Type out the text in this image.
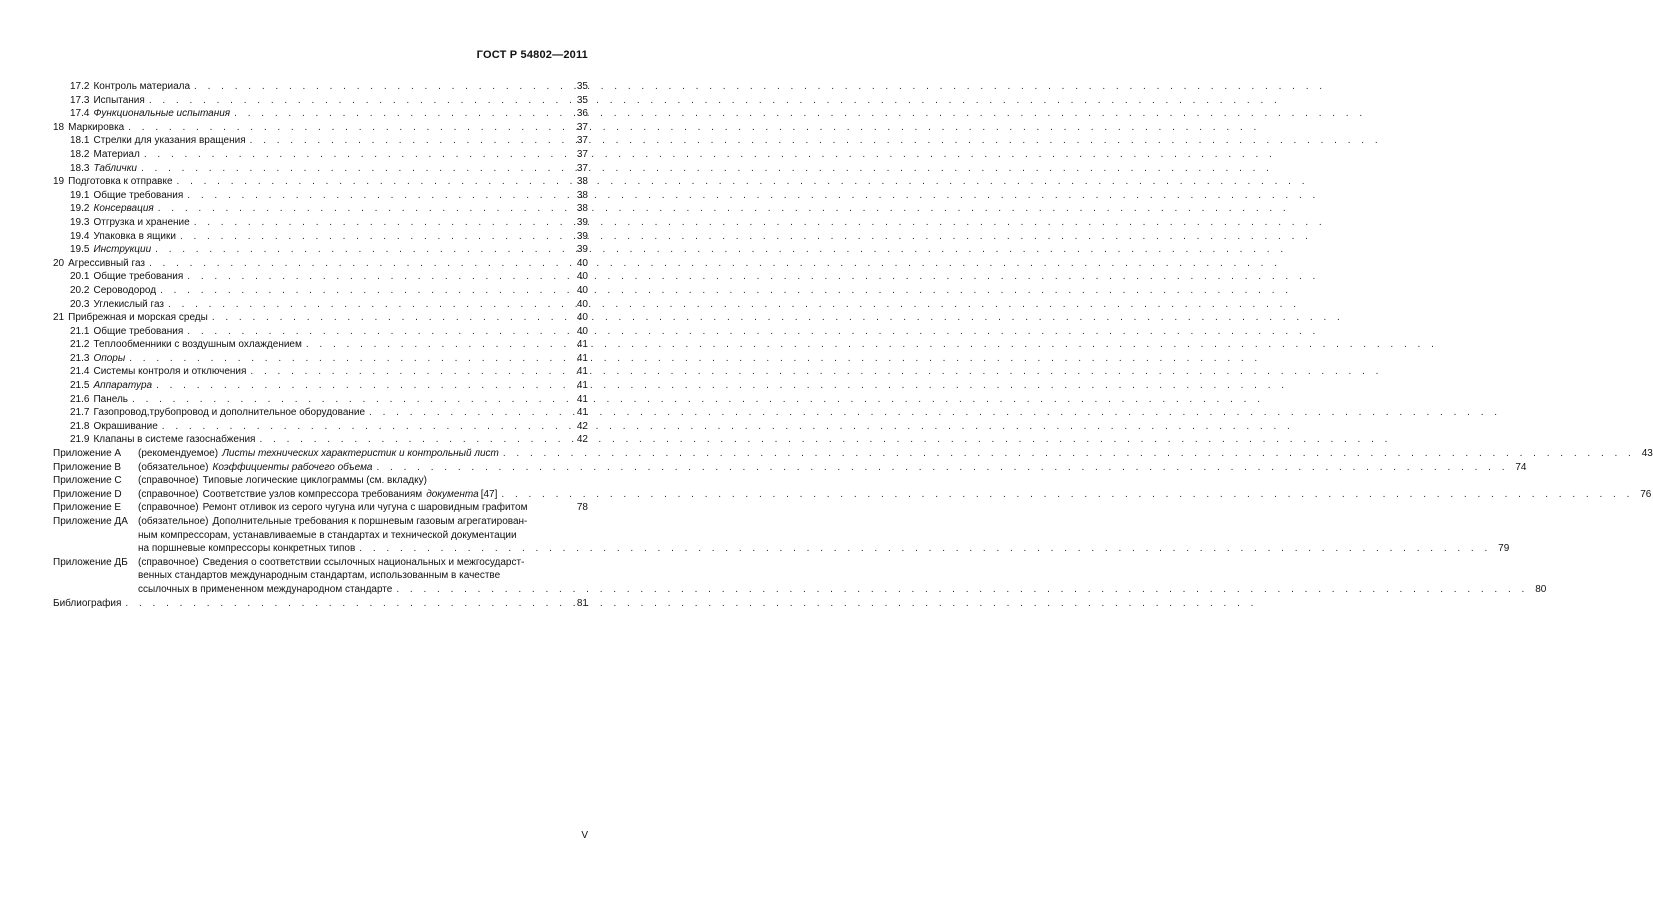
ГОСТ Р 54802—2011
17.2 Контроль материала . . .	35
17.3 Испытания . . .	35
17.4 Функциональные испытания . . .	36
18 Маркировка . . .	37
18.1 Стрелки для указания вращения . . .	37
18.2 Материал . . .	37
18.3 Таблички . . .	37
19 Подготовка к отправке . . .	38
19.1 Общие требования . . .	38
19.2 Консервация . . .	38
19.3 Отгрузка и хранение . . .	39
19.4 Упаковка в ящики . . .	39
19.5 Инструкции . . .	39
20 Агрессивный газ . . .	40
20.1 Общие требования . . .	40
20.2 Сероводород . . .	40
20.3 Углекислый газ . . .	40
21 Прибрежная и морская среды . . .	40
21.1 Общие требования . . .	40
21.2 Теплообменники с воздушным охлаждением . . .	41
21.3 Опоры . . .	41
21.4 Системы контроля и отключения . . .	41
21.5 Аппаратура . . .	41
21.6 Панель . . .	41
21.7 Газопровод,трубопровод и дополнительное оборудование . . .	41
21.8 Окрашивание . . .	42
21.9 Клапаны в системе газоснабжения . . .	42
Приложение А	(рекомендуемое) Листы технических характеристик и контрольный лист . . .	43
Приложение В	(обязательное) Коэффициенты рабочего объема . . .	74
Приложение С	(справочное) Типовые логические циклограммы (см. вкладку)
Приложение D	(справочное) Соответствие узлов компрессора требованиям документа [47] . . .	76
Приложение E	(справочное) Ремонт отливок из серого чугуна или чугуна с шаровидным графитом	78
Приложение ДА	(обязательное) Дополнительные требования к поршневым газовым агрегатирован-
ным компрессорам, устанавливаемые в стандартах и технической документации
на поршневые компрессоры конкретных типов . . .	79
Приложение ДБ	(справочное) Сведения о соответствии ссылочных национальных и межгосударст-
венных стандартов международным стандартам, использованным в качестве
ссылочных в примененном международном стандарте . . .	80
Библиография . . .	81
V
